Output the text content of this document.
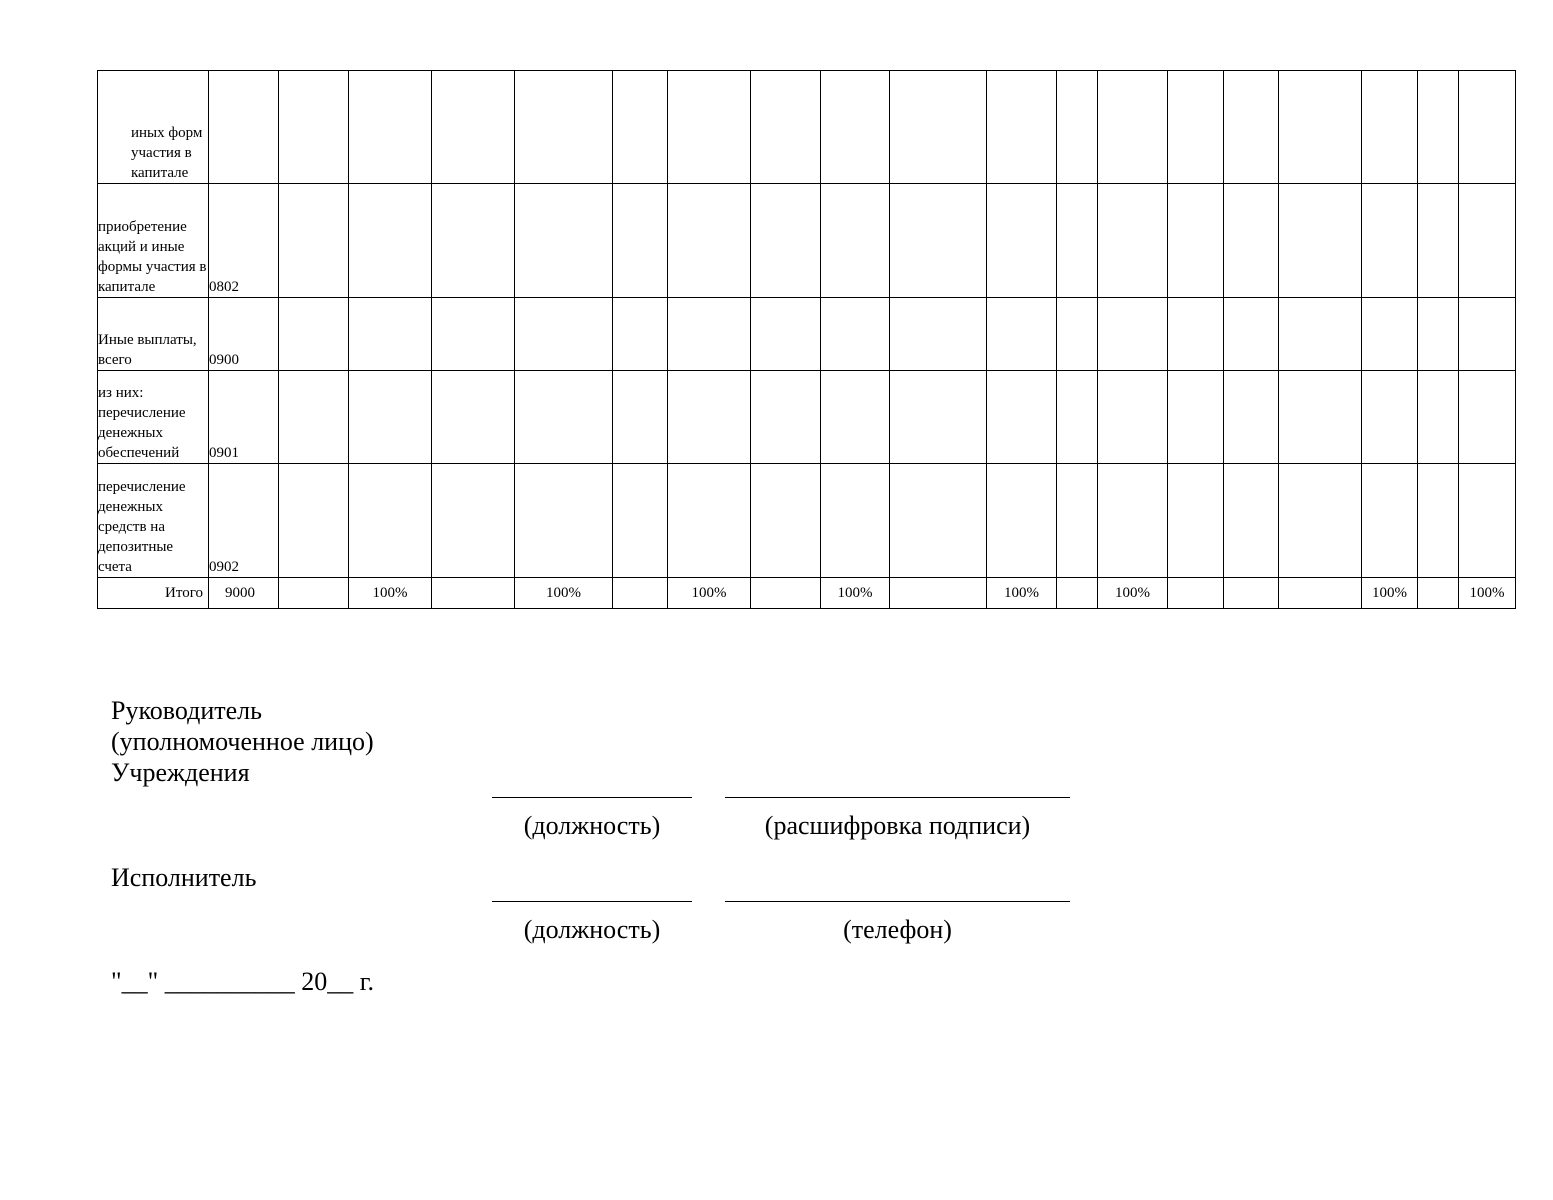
иных форм участия в капитале																			
приобретение акций и иные формы участия в капитале	0802																		
Иные выплаты, всего	0900																		
из них: перечисление денежных обеспечений	0901																		
перечисление денежных средств на депозитные счета	0902																		
Итого	9000		100%		100%		100%		100%		100%		100%				100%		100%
Руководитель
(уполномоченное лицо)
Учреждения
(должность)	(расшифровка подписи)
Исполнитель
(должность)	(телефон)
"__" __________ 20__ г.
